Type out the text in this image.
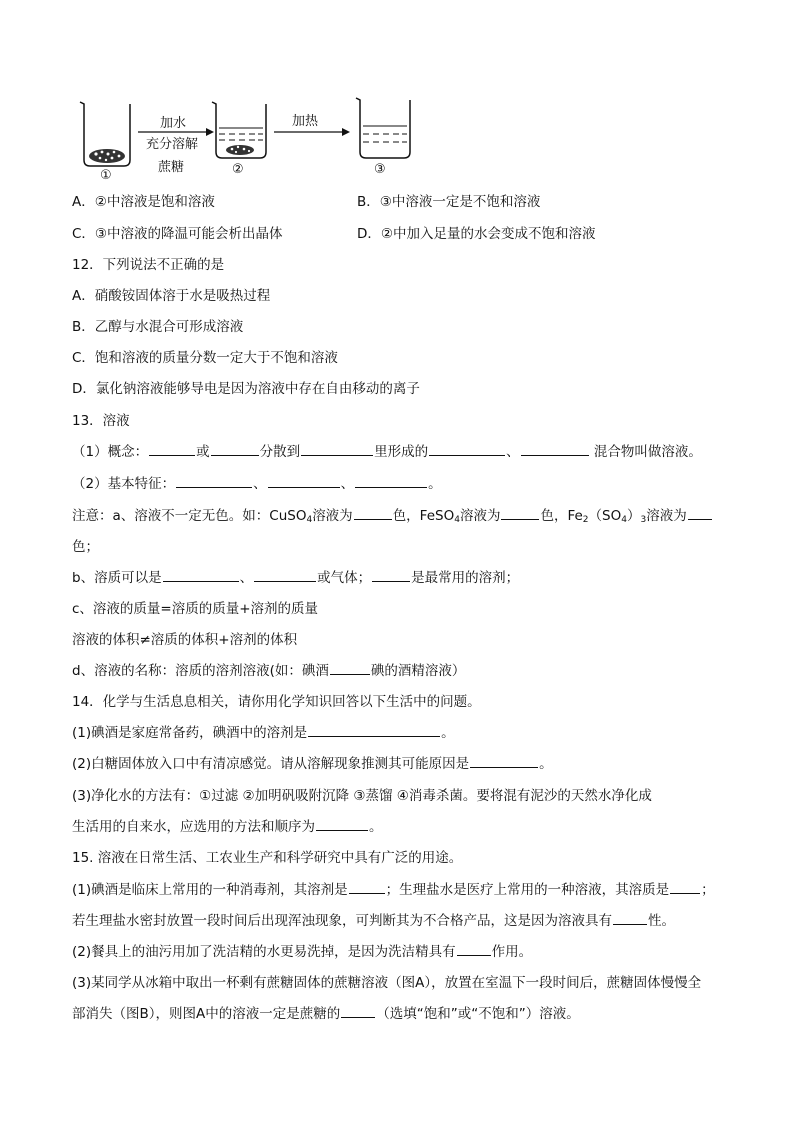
加水
充分溶解
蔗糖
加热
①	②	③
A．②中溶液是饱和溶液	B．③中溶液一定是不饱和溶液
C．③中溶液的降温可能会析出晶体	D．②中加入足量的水会变成不饱和溶液
12．下列说法不正确的是
A．硝酸铵固体溶于水是吸热过程
B．乙醇与水混合可形成溶液
C．饱和溶液的质量分数一定大于不饱和溶液
D．氯化钠溶液能够导电是因为溶液中存在自由移动的离子
13．溶液
（1）概念：	或	分散到	里形成的	、	混合物叫做溶液。
（2）基本特征：	、	、	。
注意：a、溶液不一定无色。如：CuSO$_4$溶液为	色，FeSO$_4$溶液为	色，$Fe_2(SO_4)_3$溶液为
色；
b、溶质可以是	、	或气体；	是最常用的溶剂；
c、溶液的质量=溶质的质量+溶剂的质量
溶液的体积≠溶质的体积+溶剂的体积
d、溶液的名称：溶质的溶剂溶液(如：碘酒	碘的酒精溶液）
14．化学与生活息息相关，请你用化学知识回答以下生活中的问题。
(1)碘酒是家庭常备药，碘酒中的溶剂是	。
(2)白糖固体放入口中有清凉感觉。请从溶解现象推测其可能原因是	。
(3)净化水的方法有：①过滤 ②加明矾吸附沉降 ③蒸馏 ④消毒杀菌。要将混有泥沙的天然水净化成
生活用的自来水，应选用的方法和顺序为	。
15. 溶液在日常生活、工农业生产和科学研究中具有广泛的用途。
(1)碘酒是临床上常用的一种消毒剂，其溶剂是	；生理盐水是医疗上常用的一种溶液，其溶质是 ；
若生理盐水密封放置一段时间后出现浑浊现象，可判断其为不合格产品，这是因为溶液具有	性。
(2)餐具上的油污用加了洗洁精的水更易洗掉，是因为洗洁精具有	作用。
(3)某同学从冰箱中取出一杯剩有蔗糖固体的蔗糖溶液（图A），放置在室温下一段时间后，蔗糖固体慢慢全
部消失（图B），则图A中的溶液一定是蔗糖的	（选填“饱和”或“不饱和”）溶液。
